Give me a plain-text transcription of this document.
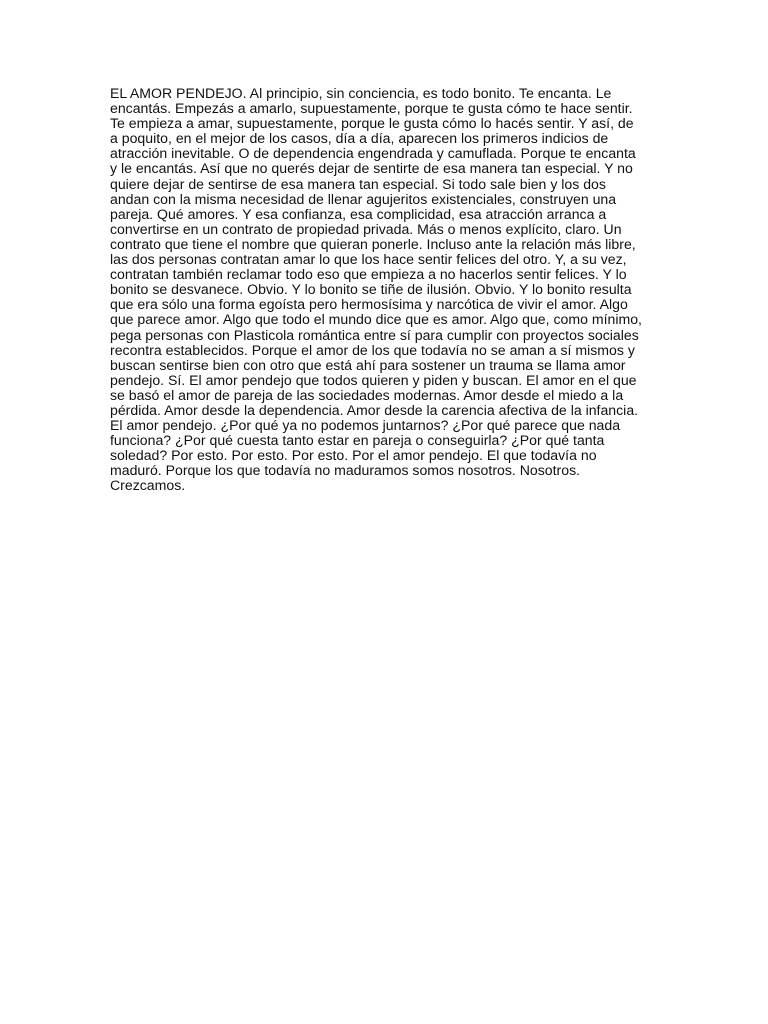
EL AMOR PENDEJO. Al principio, sin conciencia, es todo bonito. Te encanta. Le encantás. Empezás a amarlo, supuestamente, porque te gusta cómo te hace sentir. Te empieza a amar, supuestamente, porque le gusta cómo lo hacés sentir. Y así, de a poquito, en el mejor de los casos, día a día, aparecen los primeros indicios de atracción inevitable. O de dependencia engendrada y camuflada. Porque te encanta y le encantás. Así que no querés dejar de sentirte de esa manera tan especial. Y no quiere dejar de sentirse de esa manera tan especial. Si todo sale bien y los dos andan con la misma necesidad de llenar agujeritos existenciales, construyen una pareja. Qué amores. Y esa confianza, esa complicidad, esa atracción arranca a convertirse en un contrato de propiedad privada. Más o menos explícito, claro. Un contrato que tiene el nombre que quieran ponerle. Incluso ante la relación más libre, las dos personas contratan amar lo que los hace sentir felices del otro. Y, a su vez, contratan también reclamar todo eso que empieza a no hacerlos sentir felices. Y lo bonito se desvanece. Obvio. Y lo bonito se tiñe de ilusión. Obvio. Y lo bonito resulta que era sólo una forma egoísta pero hermosísima y narcótica de vivir el amor. Algo que parece amor. Algo que todo el mundo dice que es amor. Algo que, como mínimo, pega personas con Plasticola romántica entre sí para cumplir con proyectos sociales recontra establecidos. Porque el amor de los que todavía no se aman a sí mismos y buscan sentirse bien con otro que está ahí para sostener un trauma se llama amor pendejo. Sí. El amor pendejo que todos quieren y piden y buscan. El amor en el que se basó el amor de pareja de las sociedades modernas. Amor desde el miedo a la pérdida. Amor desde la dependencia. Amor desde la carencia afectiva de la infancia. El amor pendejo. ¿Por qué ya no podemos juntarnos? ¿Por qué parece que nada funciona? ¿Por qué cuesta tanto estar en pareja o conseguirla? ¿Por qué tanta soledad? Por esto. Por esto. Por esto. Por el amor pendejo. El que todavía no maduró. Porque los que todavía no maduramos somos nosotros. Nosotros. Crezcamos.
